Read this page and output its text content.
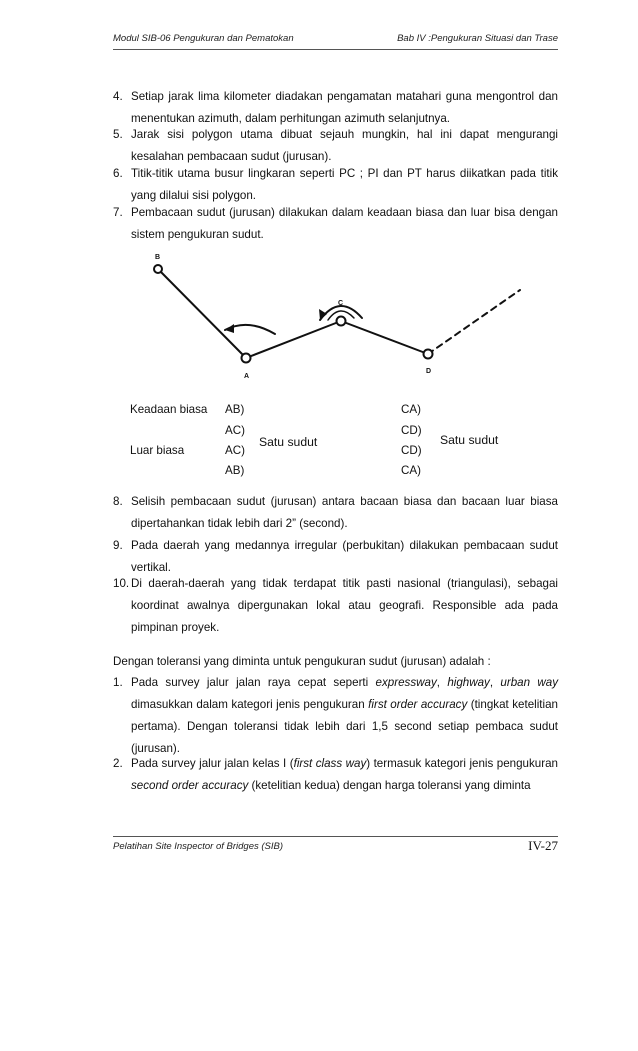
Modul SIB-06 Pengukuran dan Pematokan	Bab IV :Pengukuran Situasi dan Trase
4. Setiap jarak lima kilometer diadakan pengamatan matahari guna mengontrol dan menentukan azimuth, dalam perhitungan azimuth selanjutnya.
5. Jarak sisi polygon utama dibuat sejauh mungkin, hal ini dapat mengurangi kesalahan pembacaan sudut (jurusan).
6. Titik-titik utama busur lingkaran seperti PC ; PI dan PT harus diikatkan pada titik yang dilalui sisi polygon.
7. Pembacaan sudut (jurusan) dilakukan dalam keadaan biasa dan luar bisa dengan sistem pengukuran sudut.
B
A
C
D
Keadaan biasa
Luar biasa
AB)
AC)
AC)
AB)
Satu sudut
CA)
CD)
CD)
CA)
Satu sudut
8. Selisih pembacaan sudut (jurusan) antara bacaan biasa dan bacaan luar biasa dipertahankan tidak lebih dari 2” (second).
9. Pada daerah yang medannya irregular (perbukitan) dilakukan pembacaan sudut vertikal.
10. Di daerah-daerah yang tidak terdapat titik pasti nasional (triangulasi), sebagai koordinat awalnya dipergunakan lokal atau geografi. Responsible ada pada pimpinan proyek.
Dengan toleransi yang diminta untuk pengukuran sudut (jurusan) adalah :
1. Pada survey jalur jalan raya cepat seperti expressway, highway, urban way dimasukkan dalam kategori jenis pengukuran first order accuracy (tingkat ketelitian pertama). Dengan toleransi tidak lebih dari 1,5 second setiap pembaca sudut (jurusan).
2. Pada survey jalur jalan kelas I (first class way) termasuk kategori jenis pengukuran second order accuracy (ketelitian kedua) dengan harga toleransi yang diminta
Pelatihan Site Inspector of Bridges (SIB)	IV-27
